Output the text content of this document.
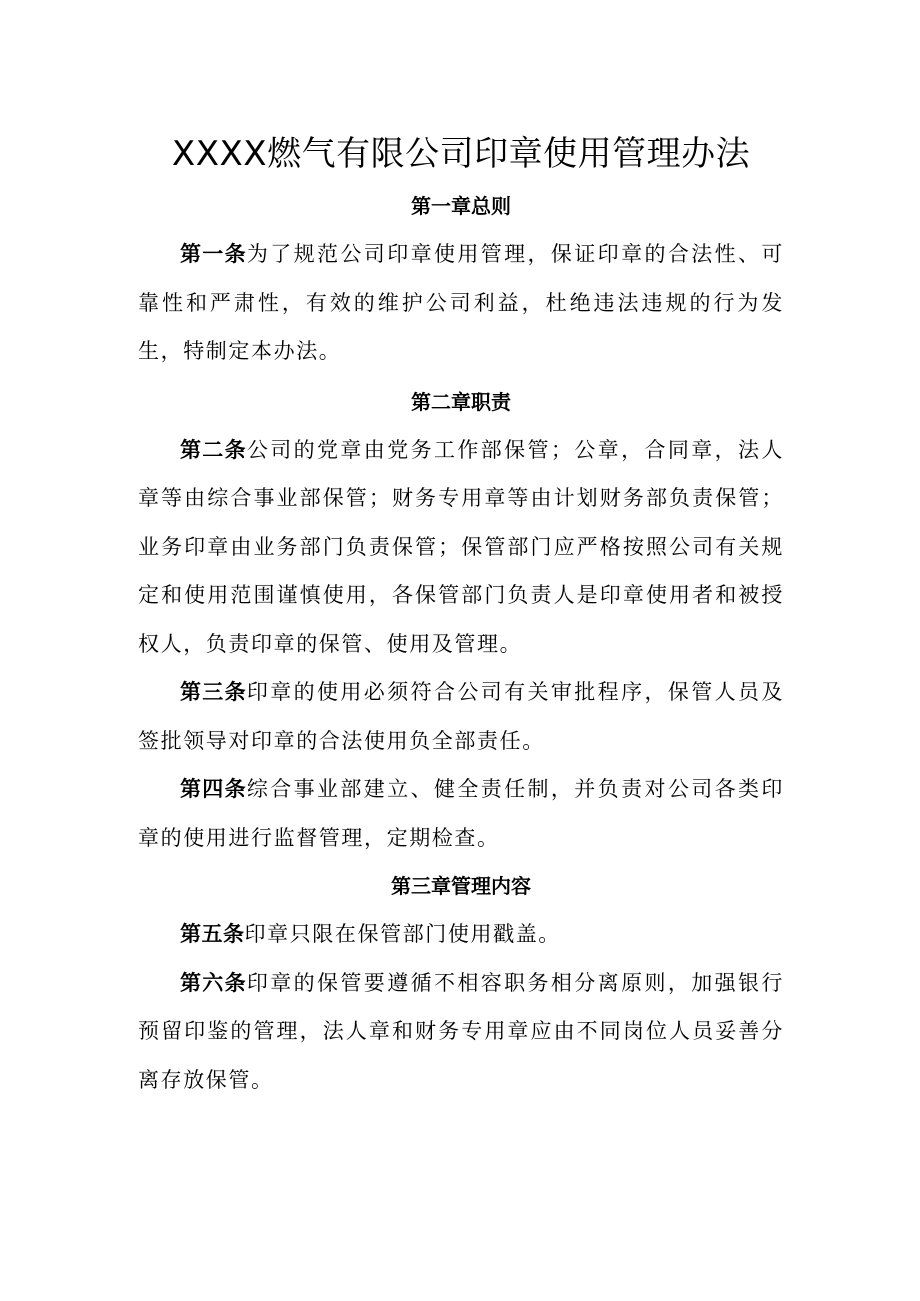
XXXX燃气有限公司印章使用管理办法
第一章总则

第一条为了规范公司印章使用管理，保证印章的合法性、可靠性和严肃性，有效的维护公司利益，杜绝违法违规的行为发生，特制定本办法。

第二章职责

第二条公司的党章由党务工作部保管；公章，合同章，法人章等由综合事业部保管；财务专用章等由计划财务部负责保管；业务印章由业务部门负责保管；保管部门应严格按照公司有关规定和使用范围谨慎使用，各保管部门负责人是印章使用者和被授权人，负责印章的保管、使用及管理。

第三条印章的使用必须符合公司有关审批程序，保管人员及签批领导对印章的合法使用负全部责任。

第四条综合事业部建立、健全责任制，并负责对公司各类印章的使用进行监督管理，定期检查。

第三章管理内容

第五条印章只限在保管部门使用戳盖。

第六条印章的保管要遵循不相容职务相分离原则，加强银行预留印鉴的管理，法人章和财务专用章应由不同岗位人员妥善分离存放保管。
